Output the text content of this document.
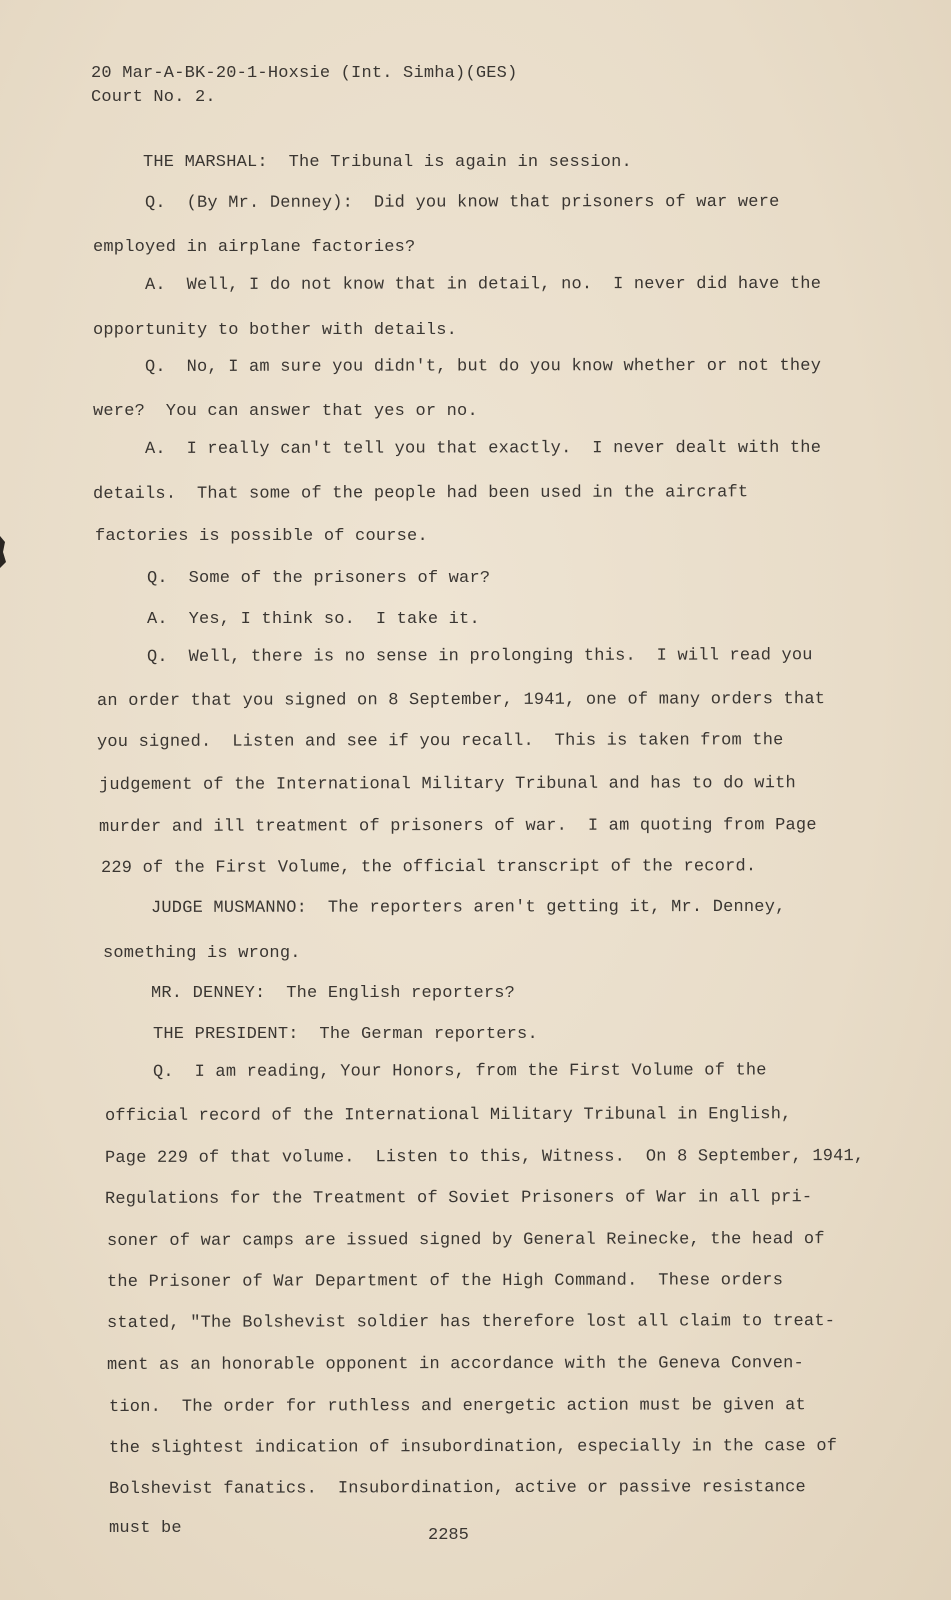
20 Mar-A-BK-20-1-Hoxsie (Int. Simha)(GES)
Court No. 2.
THE MARSHAL:  The Tribunal is again in session.
Q.  (By Mr. Denney):  Did you know that prisoners of war were
employed in airplane factories?
A.  Well, I do not know that in detail, no.  I never did have the
opportunity to bother with details.
Q.  No, I am sure you didn't, but do you know whether or not they
were?  You can answer that yes or no.
A.  I really can't tell you that exactly.  I never dealt with the
details.  That some of the people had been used in the aircraft
factories is possible of course.
Q.  Some of the prisoners of war?
A.  Yes, I think so.  I take it.
Q.  Well, there is no sense in prolonging this.  I will read you
an order that you signed on 8 September, 1941, one of many orders that
you signed.  Listen and see if you recall.  This is taken from the
judgement of the International Military Tribunal and has to do with
murder and ill treatment of prisoners of war.  I am quoting from Page
229 of the First Volume, the official transcript of the record.
JUDGE MUSMANNO:  The reporters aren't getting it, Mr. Denney,
something is wrong.
MR. DENNEY:  The English reporters?
THE PRESIDENT:  The German reporters.
Q.  I am reading, Your Honors, from the First Volume of the
official record of the International Military Tribunal in English,
Page 229 of that volume.  Listen to this, Witness.  On 8 September, 1941,
Regulations for the Treatment of Soviet Prisoners of War in all pri-
soner of war camps are issued signed by General Reinecke, the head of
the Prisoner of War Department of the High Command.  These orders
stated, "The Bolshevist soldier has therefore lost all claim to treat-
ment as an honorable opponent in accordance with the Geneva Conven-
tion.  The order for ruthless and energetic action must be given at
the slightest indication of insubordination, especially in the case of
Bolshevist fanatics.  Insubordination, active or passive resistance
must be	2285
